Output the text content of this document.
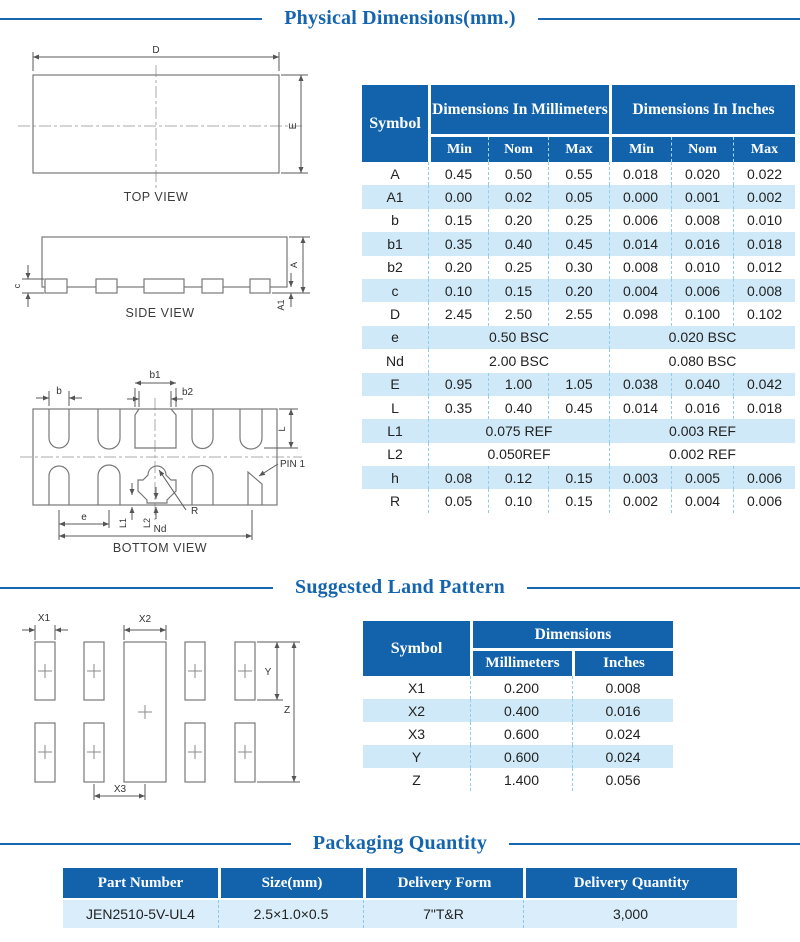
Physical Dimensions(mm.)
D
E
TOP VIEW
c
A
A1
SIDE VIEW
b
b1
b2
L
PIN 1
e	L1 L2
Nd
R
BOTTOM VIEW
Symbol	Dimensions In Millimeters			Dimensions In Inches		
	Min	Nom	Max	Min	Nom	Max
A	0.45	0.50	0.55	0.018	0.020	0.022
A1	0.00	0.02	0.05	0.000	0.001	0.002
b	0.15	0.20	0.25	0.006	0.008	0.010
b1	0.35	0.40	0.45	0.014	0.016	0.018
b2	0.20	0.25	0.30	0.008	0.010	0.012
c	0.10	0.15	0.20	0.004	0.006	0.008
D	2.45	2.50	2.55	0.098	0.100	0.102
e	0.50 BSC			0.020 BSC		
Nd	2.00 BSC			0.080 BSC		
E	0.95	1.00	1.05	0.038	0.040	0.042
L	0.35	0.40	0.45	0.014	0.016	0.018
L1	0.075 REF			0.003 REF		
L2	0.050REF			0.002 REF		
h	0.08	0.12	0.15	0.003	0.005	0.006
R	0.05	0.10	0.15	0.002	0.004	0.006
Suggested Land Pattern
X1	X2
X3
Y
Z
Symbol	Dimensions	
	Millimeters	Inches
X1	0.200	0.008
X2	0.400	0.016
X3	0.600	0.024
Y	0.600	0.024
Z	1.400	0.056
Packaging Quantity
Part Number	Size(mm)	Delivery Form	Delivery Quantity
JEN2510-5V-UL4	2.5×1.0×0.5	7"T&R	3,000
